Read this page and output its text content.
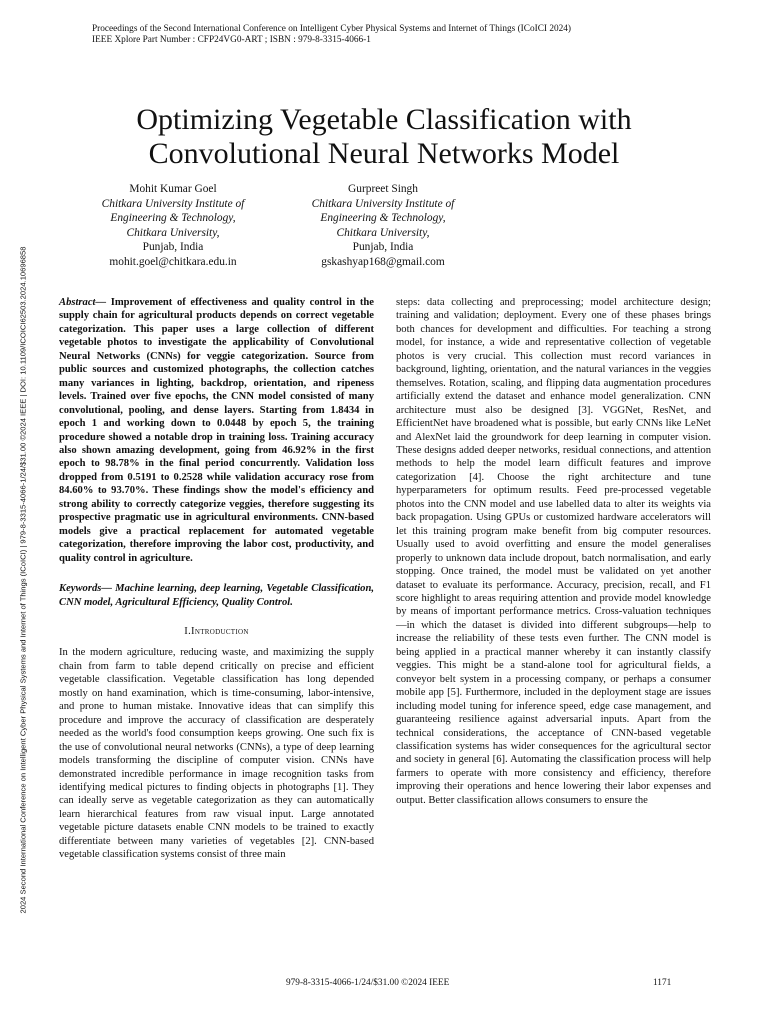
Proceedings of the Second International Conference on Intelligent Cyber Physical Systems and Internet of Things (ICoICI 2024)
IEEE Xplore Part Number : CFP24VG0-ART ; ISBN : 979-8-3315-4066-1
2024 Second International Conference on Intelligent Cyber Physical Systems and Internet of Things (ICoICI) | 979-8-3315-4066-1/24/$31.00 ©2024 IEEE | DOI: 10.1109/ICOICI62503.2024.10696858
Optimizing Vegetable Classification with
Convolutional Neural Networks Model
Mohit Kumar Goel
Chitkara University Institute of
Engineering & Technology,
Chitkara University,
Punjab, India
mohit.goel@chitkara.edu.in
Gurpreet Singh
Chitkara University Institute of
Engineering & Technology,
Chitkara University,
Punjab, India
gskashyap168@gmail.com

Abstract— Improvement of effectiveness and quality control in the supply chain for agricultural products depends on correct vegetable categorization. This paper uses a large collection of different vegetable photos to investigate the applicability of Convolutional Neural Networks (CNNs) for veggie categorization. Source from public sources and customized photographs, the collection catches many variances in lighting, backdrop, orientation, and ripeness levels. Trained over five epochs, the CNN model consisted of many convolutional, pooling, and dense layers. Starting from 1.8434 in epoch 1 and working down to 0.0448 by epoch 5, the training procedure showed a notable drop in training loss. Training accuracy also shown amazing development, going from 46.92% in the first epoch to 98.78% in the final period concurrently. Validation loss dropped from 0.5191 to 0.2528 while validation accuracy rose from 84.60% to 93.70%. These findings show the model's efficiency and strong ability to correctly categorize veggies, therefore suggesting its prospective pragmatic use in agricultural environments. CNN-based models give a practical replacement for automated vegetable categorization, therefore improving the labor cost, productivity, and quality control in agriculture.

Keywords— Machine learning, deep learning, Vegetable Classification, CNN model, Agricultural Efficiency, Quality Control.

I.Introduction

In the modern agriculture, reducing waste, and maximizing the supply chain from farm to table depend critically on precise and efficient vegetable classification. Vegetable classification has long depended mostly on hand examination, which is time-consuming, labor-intensive, and prone to human mistake. Innovative ideas that can simplify this procedure and improve the accuracy of classification are desperately needed as the world's food consumption keeps growing. One such fix is the use of convolutional neural networks (CNNs), a type of deep learning models transforming the discipline of computer vision. CNNs have demonstrated incredible performance in image recognition tasks from identifying medical pictures to finding objects in photographs [1]. They can ideally serve as vegetable categorization as they can automatically learn hierarchical features from raw visual input. Large annotated vegetable picture datasets enable CNN models to be trained to exactly differentiate between many varieties of vegetables [2]. CNN-based vegetable classification systems consist of three main

steps: data collecting and preprocessing; model architecture design; training and validation; deployment. Every one of these phases brings both chances for development and difficulties. For teaching a strong model, for instance, a wide and representative collection of vegetable photos is very crucial. This collection must record variances in background, lighting, orientation, and the natural variances in the veggies themselves. Rotation, scaling, and flipping data augmentation procedures artificially extend the dataset and enhance model generalization. CNN architecture must also be designed [3]. VGGNet, ResNet, and EfficientNet have broadened what is possible, but early CNNs like LeNet and AlexNet laid the groundwork for deep learning in computer vision. These designs added deeper networks, residual connections, and attention methods to help the model learn difficult features and improve categorization [4]. Choose the right architecture and tune hyperparameters for optimum results. Feed pre-processed vegetable photos into the CNN model and use labelled data to alter its weights via back propagation. Using GPUs or customized hardware accelerators will let this training program make benefit from big computer resources. Usually used to avoid overfitting and ensure the model generalises properly to unknown data include dropout, batch normalisation, and early stopping. Once trained, the model must be validated on yet another dataset to evaluate its performance. Accuracy, precision, recall, and F1 score highlight to areas requiring attention and provide model knowledge by means of important performance metrics. Cross-valuation techniques—in which the dataset is divided into different subgroups—help to increase the reliability of these tests even further. The CNN model is being applied in a practical manner whereby it can instantly classify veggies. This might be a stand-alone tool for agricultural fields, a conveyor belt system in a processing company, or perhaps a consumer mobile app [5]. Furthermore, included in the deployment stage are issues including model tuning for inference speed, edge case management, and guaranteeing resilience against adversarial inputs. Apart from the technical considerations, the acceptance of CNN-based vegetable classification systems has wider consequences for the agricultural sector and society in general [6]. Automating the classification process will help farmers to operate with more consistency and efficiency, therefore improving their operations and hence lowering their labor expenses and output. Better classification allows consumers to ensure the

979-8-3315-4066-1/24/$31.00 ©2024 IEEE	1171
